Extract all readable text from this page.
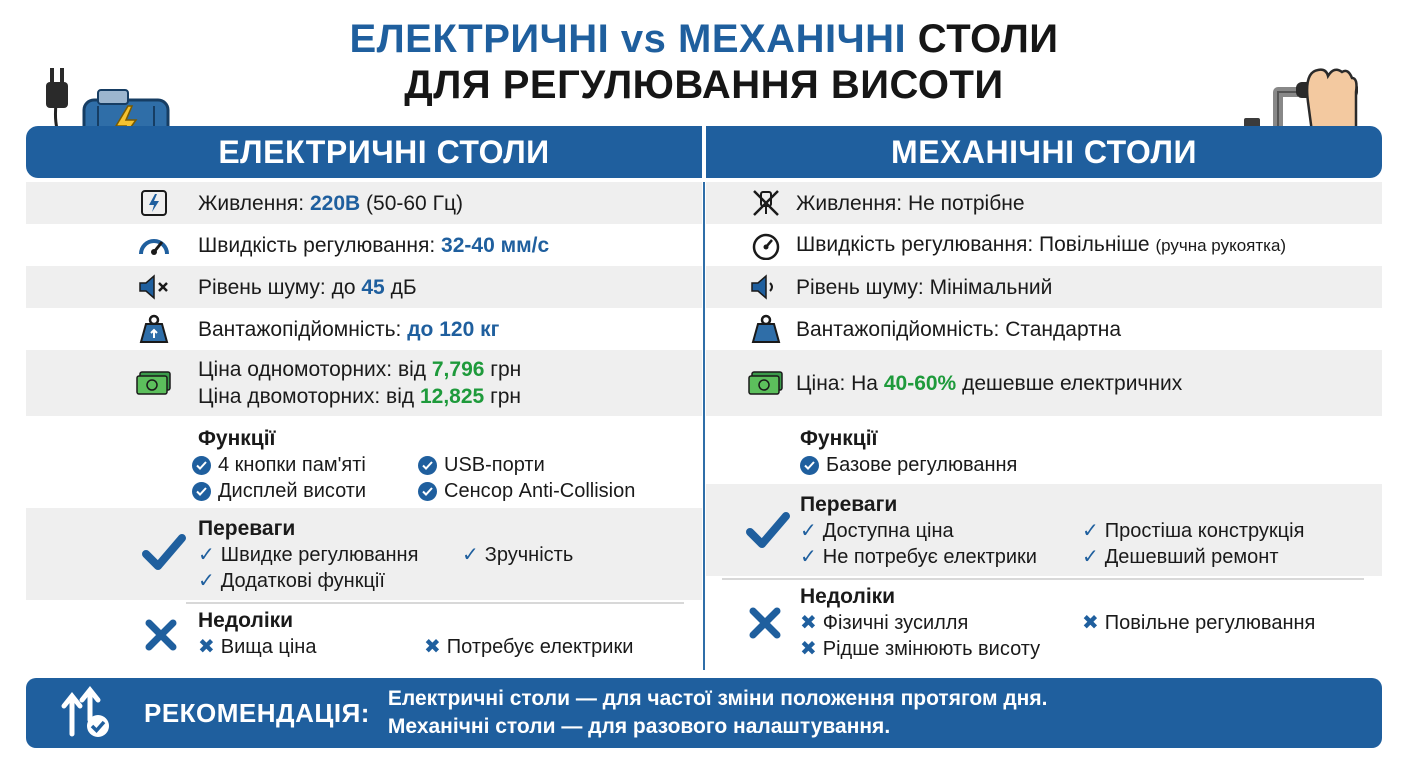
ЕЛЕКТРИЧНІ vs МЕХАНІЧНІ СТОЛИ
ДЛЯ РЕГУЛЮВАННЯ ВИСОТИ
ЕЛЕКТРИЧНІ СТОЛИ	МЕХАНІЧНІ СТОЛИ
Живлення: 220В (50-60 Гц)
Швидкість регулювання: 32-40 мм/с
Рівень шуму: до 45 дБ
Вантажопідйомність: до 120 кг
Ціна одномоторних: від 7,796 грн
Ціна двомоторних: від 12,825 грн
Функції
4 кнопки пам'яті	USB-порти
Дисплей висоти	Сенсор Anti-Collision
Переваги
✓ Швидке регулювання ✓ Зручність
✓ Додаткові функції
Недоліки
✖ Вища ціна	✖ Потребує електрики
Живлення: Не потрібне
Швидкість регулювання: Повільніше (ручна рукоятка)
Рівень шуму: Мінімальний
Вантажопідйомність: Стандартна
Ціна: На 40-60% дешевше електричних
Функції
Базове регулювання
Переваги
✓ Доступна ціна	✓ Простіша конструкція
✓ Не потребує електрики ✓ Дешевший ремонт
Недоліки
✖ Фізичні зусилля	✖ Повільне регулювання
✖ Рідше змінюють висоту
РЕКОМЕНДАЦІЯ: Електричні столи — для частої зміни положення протягом дня.
Механічні столи — для разового налаштування.
